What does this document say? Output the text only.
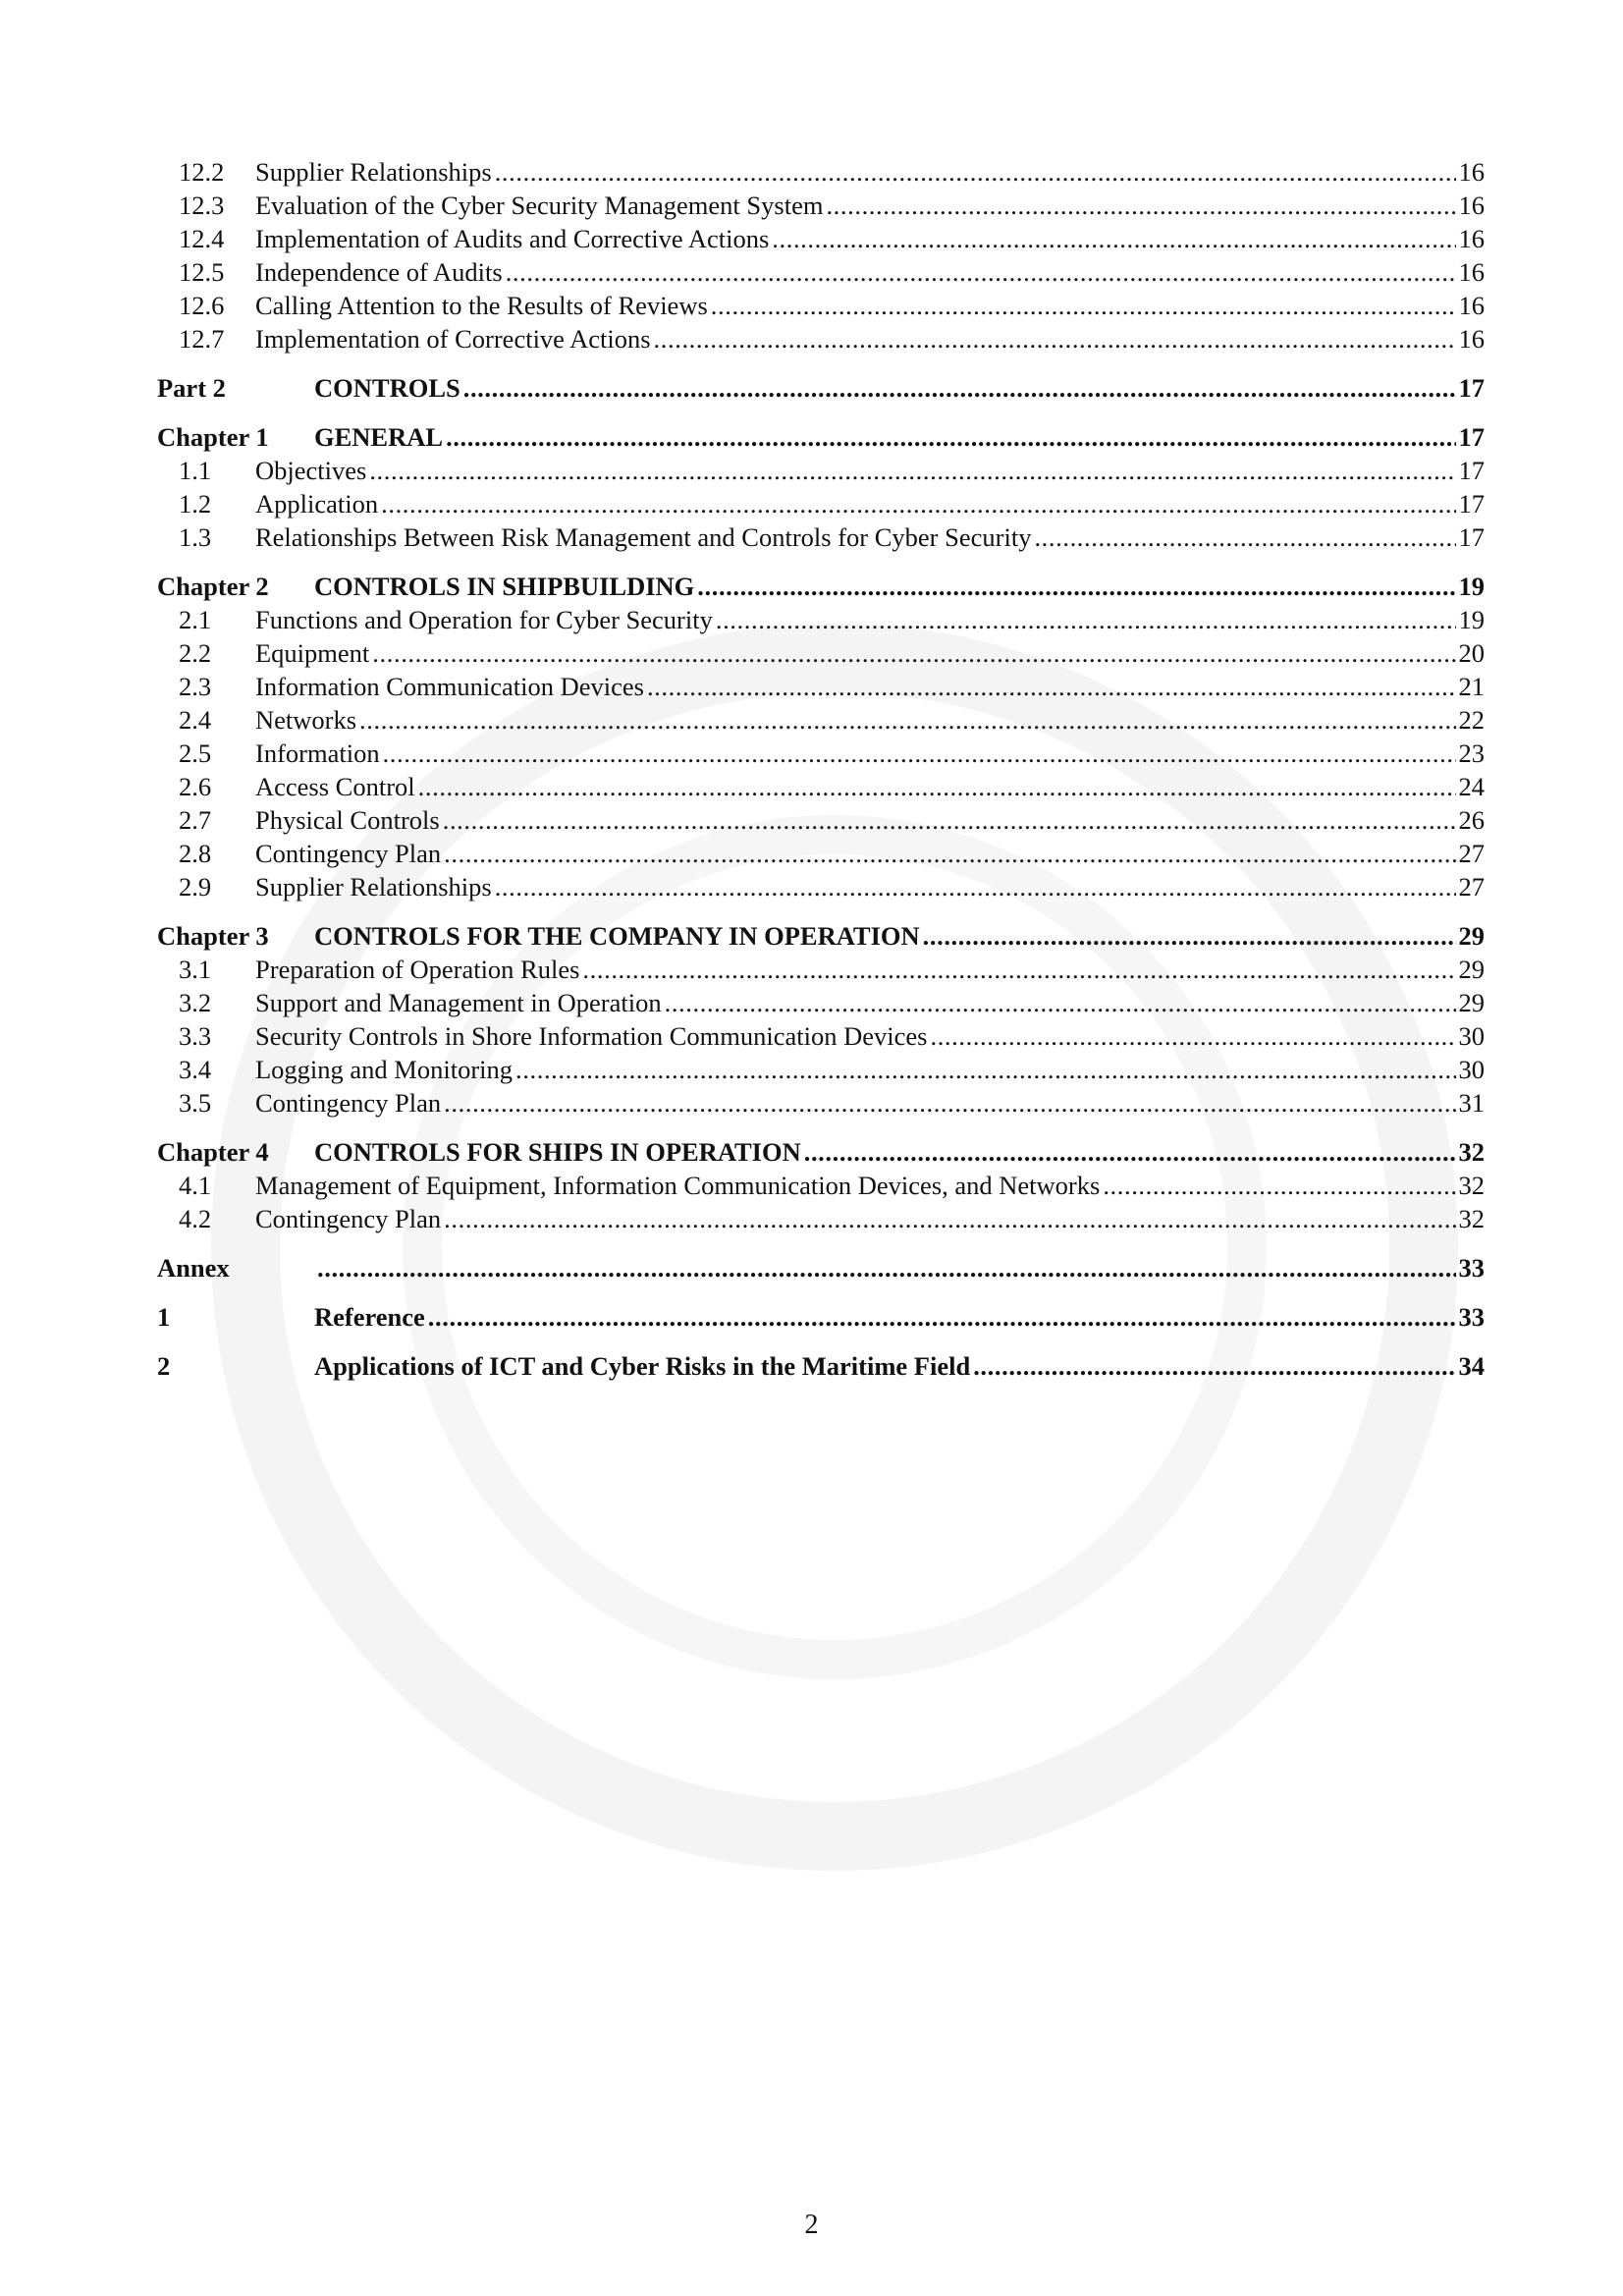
12.2	Supplier Relationships .....	16
12.3	Evaluation of the Cyber Security Management System .....	16
12.4	Implementation of Audits and Corrective Actions .....	16
12.5	Independence of Audits .....	16
12.6	Calling Attention to the Results of Reviews .....	16
12.7	Implementation of Corrective Actions .....	16
Part 2	CONTROLS .....	17
Chapter 1	GENERAL .....	17
1.1	Objectives .....	17
1.2	Application .....	17
1.3	Relationships Between Risk Management and Controls for Cyber Security .....	17
Chapter 2	CONTROLS IN SHIPBUILDING .....	19
2.1	Functions and Operation for Cyber Security .....	19
2.2	Equipment .....	20
2.3	Information Communication Devices .....	21
2.4	Networks .....	22
2.5	Information .....	23
2.6	Access Control .....	24
2.7	Physical Controls .....	26
2.8	Contingency Plan .....	27
2.9	Supplier Relationships .....	27
Chapter 3	CONTROLS FOR THE COMPANY IN OPERATION .....	29
3.1	Preparation of Operation Rules .....	29
3.2	Support and Management in Operation .....	29
3.3	Security Controls in Shore Information Communication Devices .....	30
3.4	Logging and Monitoring .....	30
3.5	Contingency Plan .....	31
Chapter 4	CONTROLS FOR SHIPS IN OPERATION .....	32
4.1	Management of Equipment, Information Communication Devices, and Networks .....	32
4.2	Contingency Plan .....	32
Annex .....	33
1	Reference .....	33
2	Applications of ICT and Cyber Risks in the Maritime Field .....	34
2
